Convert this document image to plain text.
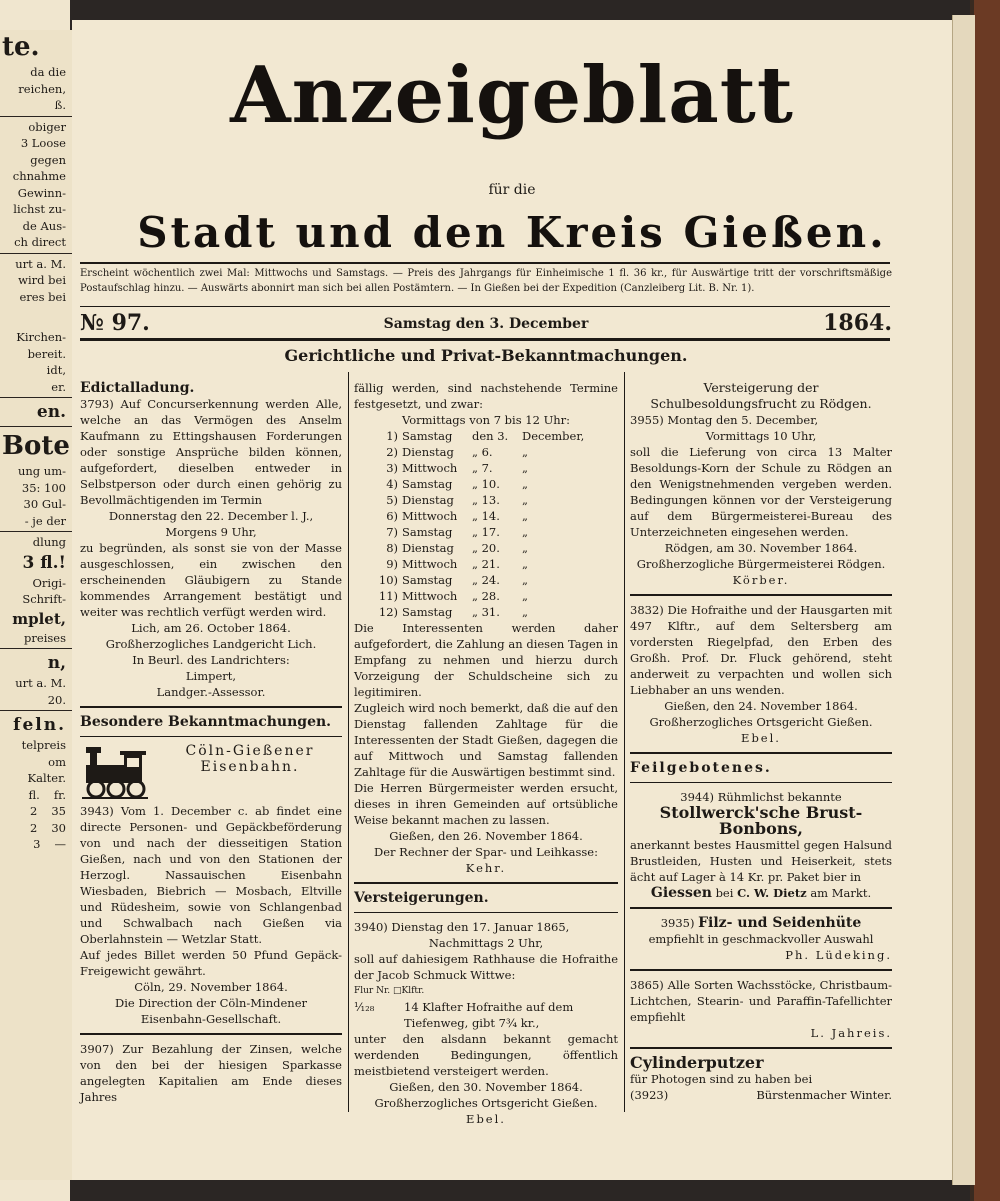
te.
da die
reichen,
ß.
obiger
3 Loose
gegen
chnahme
Gewinn-
lichst zu-
de Aus-
ch direct
urt a. M.
wird bei
eres bei
Kirchen-
bereit.
idt,
er.
en.
Bote
ung um-
35: 100
30 Gul-
- je der
dlung
3 fl.!
Origi-
Schrift-
mplet,
preises
n,
urt a. M.
20.
feln.
telpreis
om
Kalter.
fl. fr.
2 35
2 30
3 —
Anzeigeblatt
für die
Stadt und den Kreis Gießen.
Erscheint wöchentlich zwei Mal: Mittwochs und Samstags. — Preis des Jahrgangs für Einheimische 1 fl. 36 kr., für Auswärtige tritt der vorschriftsmäßige Postaufschlag hinzu. — Auswärts abonnirt man sich bei allen Postämtern. — In Gießen bei der Expedition (Canzleiberg Lit. B. Nr. 1).
№ 97.	Samstag den 3. December	1864.
Gerichtliche und Privat-Bekanntmachungen.

Edictalladung.

3793) Auf Concurserkennung werden Alle, welche an das Vermögen des Anselm Kaufmann zu Ettingshausen Forderungen oder sonstige Ansprüche bilden können, aufgefordert, dieselben entweder in Selbstperson oder durch einen gehörig zu Bevollmächtigenden im Termin

Donnerstag den 22. December l. J.,

Morgens 9 Uhr,

zu begründen, als sonst sie von der Masse ausgeschlossen, ein zwischen den erscheinenden Gläubigern zu Stande kommendes Arrangement bestätigt und weiter was rechtlich verfügt werden wird.

Lich, am 26. October 1864.

Großherzogliches Landgericht Lich.

In Beurl. des Landrichters:

Limpert,

Landger.-Assessor.

Besondere Bekanntmachungen.

Cöln-Gießener

Eisenbahn.

3943) Vom 1. December c. ab findet eine directe Personen- und Gepäckbeförderung von und nach der diesseitigen Station Gießen, nach und von den Stationen der Herzogl. Nassauischen Eisenbahn Wiesbaden, Biebrich — Mosbach, Eltville und Rüdesheim, sowie von Schlangenbad und Schwalbach nach Gießen via Oberlahnstein — Wetzlar Statt.

Auf jedes Billet werden 50 Pfund Gepäck-Freigewicht gewährt.

Cöln, 29. November 1864.

Die Direction der Cöln-Mindener

Eisenbahn-Gesellschaft.

3907) Zur Bezahlung der Zinsen, welche von den bei der hiesigen Sparkasse angelegten Kapitalien am Ende dieses Jahres

fällig werden, sind nachstehende Termine festgesetzt, und zwar:

Vormittags von 7 bis 12 Uhr:

1) Samstag	den 3.	December,
2) Dienstag	„ 6.	„
3) Mittwoch	„ 7.	„
4) Samstag	„ 10.	„
5) Dienstag	„ 13.	„
6) Mittwoch	„ 14.	„
7) Samstag	„ 17.	„
8) Dienstag	„ 20.	„
9) Mittwoch	„ 21.	„
10) Samstag	„ 24.	„
11) Mittwoch	„ 28.	„
12) Samstag	„ 31.	„

Die Interessenten werden daher aufgefordert, die Zahlung an diesen Tagen in Empfang zu nehmen und hierzu durch Vorzeigung der Schuldscheine sich zu legitimiren.

Zugleich wird noch bemerkt, daß die auf den Dienstag fallenden Zahltage für die Interessenten der Stadt Gießen, dagegen die auf Mittwoch und Samstag fallenden Zahltage für die Auswärtigen bestimmt sind.

Die Herren Bürgermeister werden ersucht, dieses in ihren Gemeinden auf ortsübliche Weise bekannt machen zu lassen.

Gießen, den 26. November 1864.

Der Rechner der Spar- und Leihkasse:

Kehr.

Versteigerungen.

3940) Dienstag den 17. Januar 1865,

Nachmittags 2 Uhr,

soll auf dahiesigem Rathhause die Hofraithe der Jacob Schmuck Wittwe:

Flur Nr. □Klftr.

¹⁄₁₂₈	14 Klafter Hofraithe auf dem Tiefenweg, gibt 7¾ kr.,

unter den alsdann bekannt gemacht werdenden Bedingungen, öffentlich meistbietend versteigert werden.

Gießen, den 30. November 1864.

Großherzogliches Ortsgericht Gießen.

Ebel.

Versteigerung der Schulbesoldungsfrucht zu Rödgen.

3955) Montag den 5. December,

Vormittags 10 Uhr,

soll die Lieferung von circa 13 Malter Besoldungs-Korn der Schule zu Rödgen an den Wenigstnehmenden vergeben werden. Bedingungen können vor der Versteigerung auf dem Bürgermeisterei-Bureau des Unterzeichneten eingesehen werden.

Rödgen, am 30. November 1864.

Großherzogliche Bürgermeisterei Rödgen.

Körber.

3832) Die Hofraithe und der Hausgarten mit 497 Klftr., auf dem Seltersberg am vordersten Riegelpfad, den Erben des Großh. Prof. Dr. Fluck gehörend, steht anderweit zu verpachten und wollen sich Liebhaber an uns wenden.

Gießen, den 24. November 1864.

Großherzogliches Ortsgericht Gießen.

Ebel.

Feilgebotenes.

3944) Rühmlichst bekannte

Stollwerck'sche Brust-Bonbons,

anerkannt bestes Hausmittel gegen Halsund Brustleiden, Husten und Heiserkeit, stets ächt auf Lager à 14 Kr. pr. Paket bier in

Giessen bei C. W. Dietz am Markt.

3935) Filz- und Seidenhüte

empfiehlt in geschmackvoller Auswahl

Ph. Lüdeking.

3865) Alle Sorten Wachsstöcke, Christbaum-Lichtchen, Stearin- und Paraffin-Tafellichter empfiehlt

L. Jahreis.

Cylinderputzer

für Photogen sind zu haben bei

(3923)	Bürstenmacher Winter.
